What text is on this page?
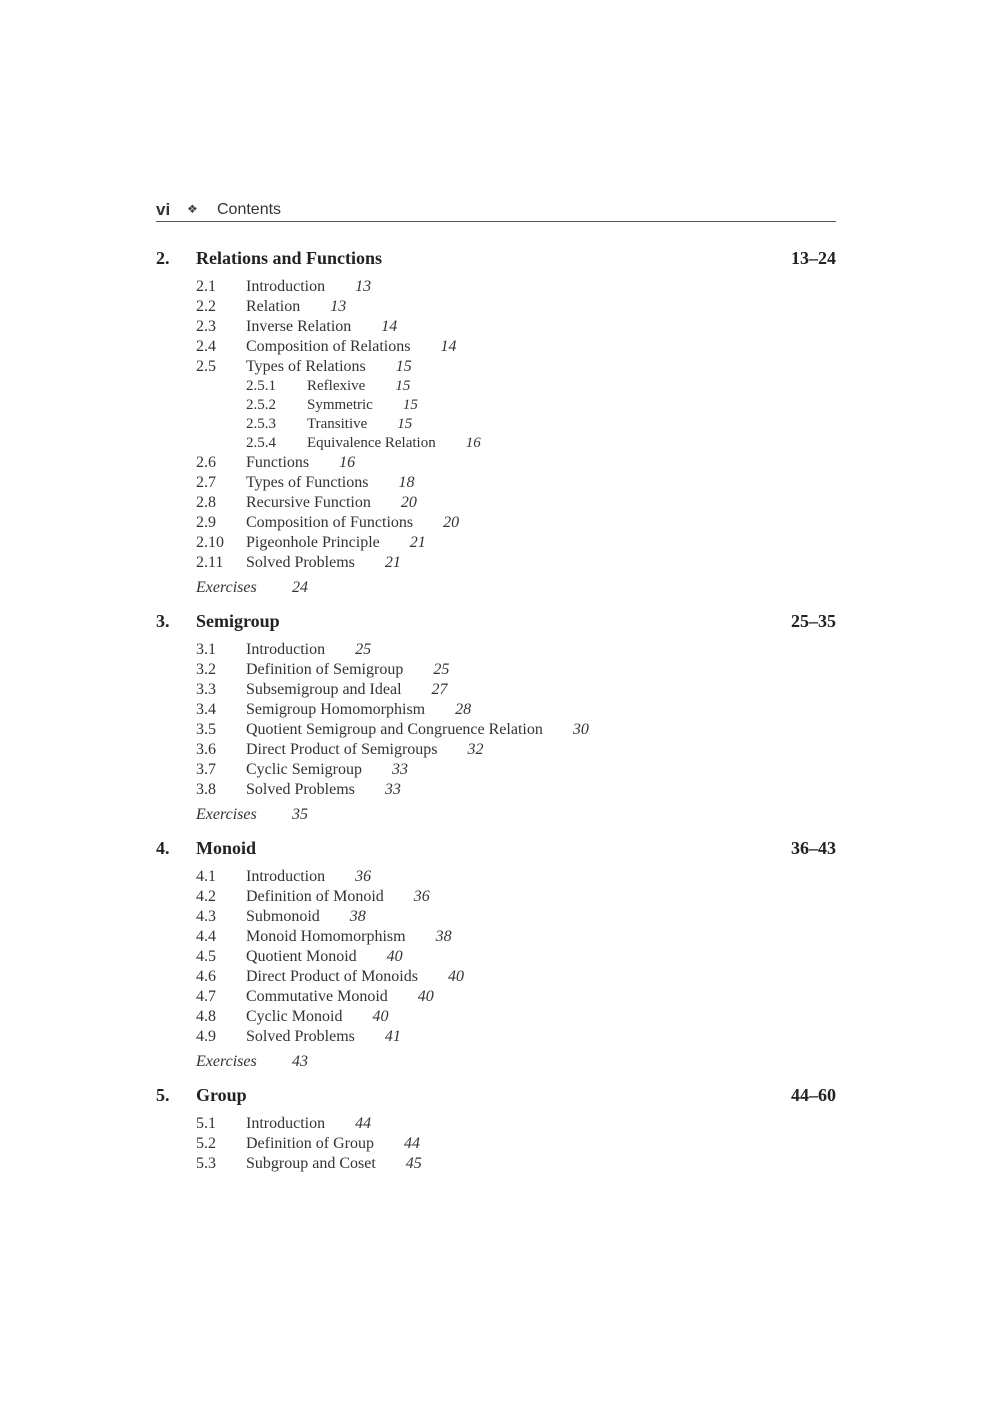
vi ❖ Contents
2. Relations and Functions	13–24
2.1 Introduction 13
2.2 Relation 13
2.3 Inverse Relation 14
2.4 Composition of Relations 14
2.5 Types of Relations 15
2.5.1 Reflexive 15
2.5.2 Symmetric 15
2.5.3 Transitive 15
2.5.4 Equivalence Relation 16
2.6 Functions 16
2.7 Types of Functions 18
2.8 Recursive Function 20
2.9 Composition of Functions 20
2.10 Pigeonhole Principle 21
2.11 Solved Problems 21
Exercises 24
3. Semigroup	25–35
3.1 Introduction 25
3.2 Definition of Semigroup 25
3.3 Subsemigroup and Ideal 27
3.4 Semigroup Homomorphism 28
3.5 Quotient Semigroup and Congruence Relation 30
3.6 Direct Product of Semigroups 32
3.7 Cyclic Semigroup 33
3.8 Solved Problems 33
Exercises 35
4. Monoid	36–43
4.1 Introduction 36
4.2 Definition of Monoid 36
4.3 Submonoid 38
4.4 Monoid Homomorphism 38
4.5 Quotient Monoid 40
4.6 Direct Product of Monoids 40
4.7 Commutative Monoid 40
4.8 Cyclic Monoid 40
4.9 Solved Problems 41
Exercises 43
5. Group	44–60
5.1 Introduction 44
5.2 Definition of Group 44
5.3 Subgroup and Coset 45
